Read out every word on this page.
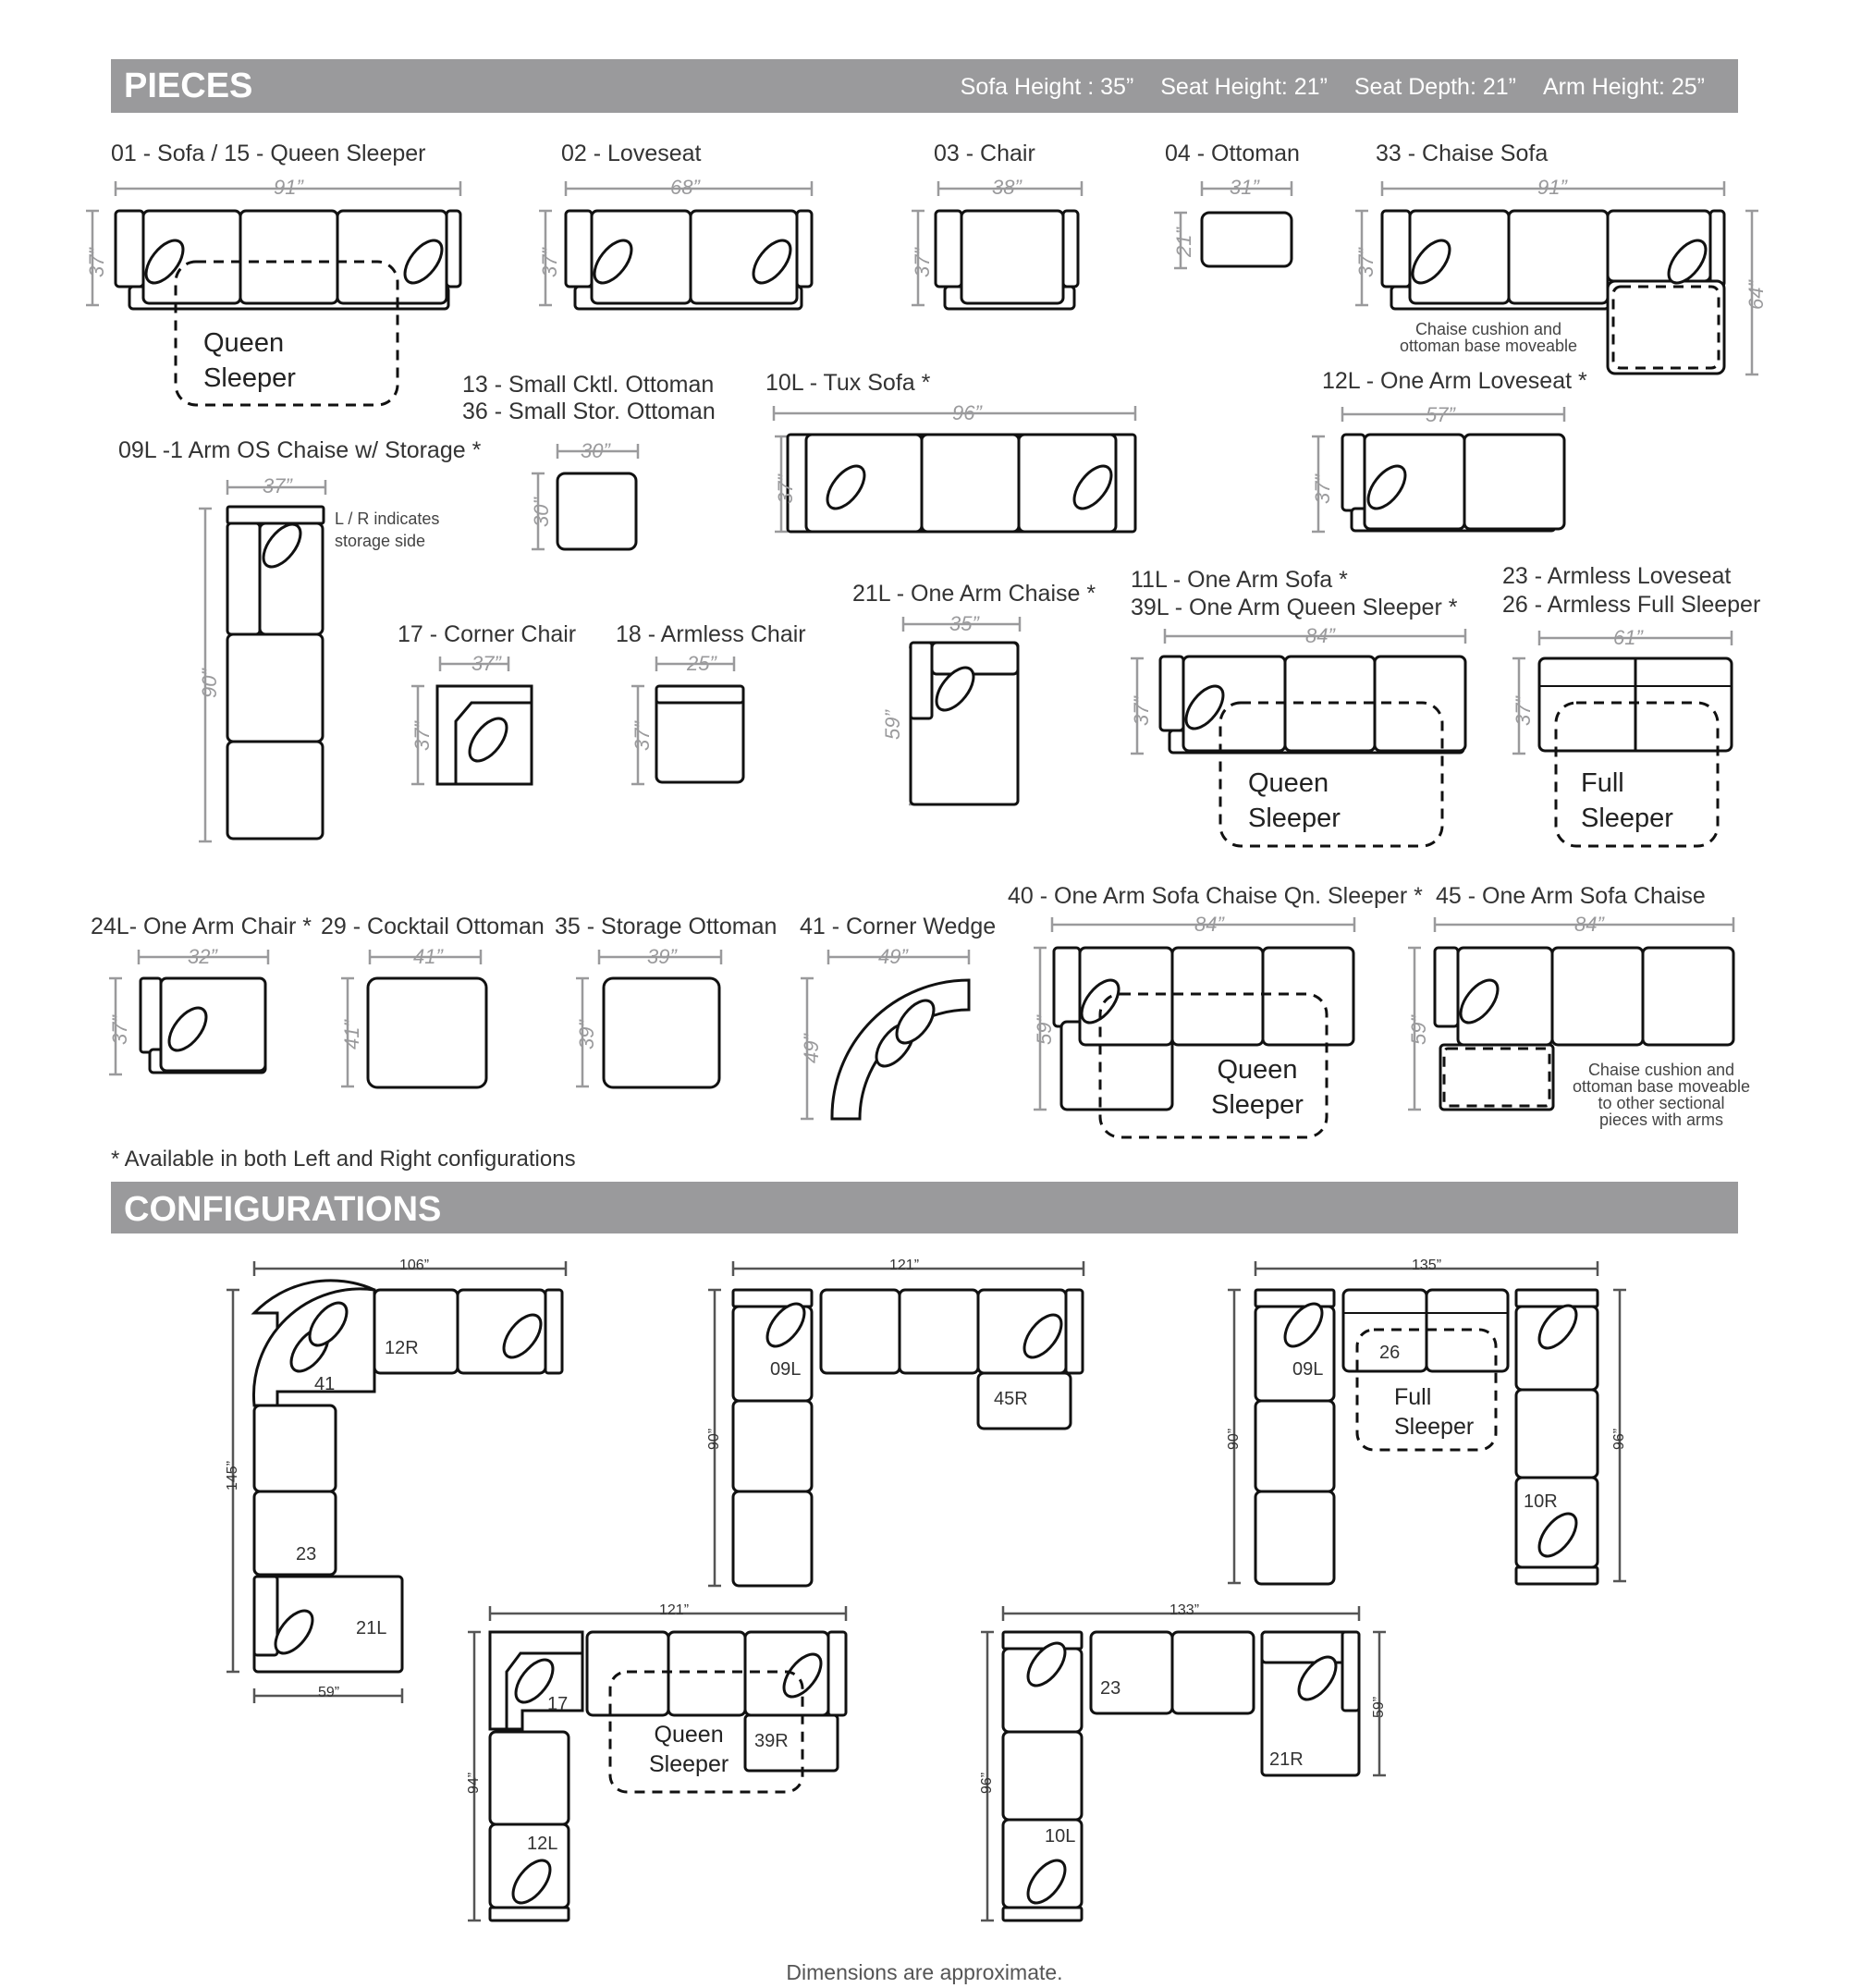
PIECES	Sofa Height : 35” Seat Height: 21” Seat Depth: 21” Arm Height: 25”
01 - Sofa / 15 - Queen Sleeper
91”
37”
Queen
Sleeper
02 - Loveseat
68”
37”
03 - Chair
38”
37”
04 - Ottoman
31”
21”
33 - Chaise Sofa
91”
37”
64”
Chaise cushion and
ottoman base moveable
13 - Small Cktl. Ottoman
36 - Small Stor. Ottoman
30”
30”
10L - Tux Sofa *
96”
37”
12L - One Arm Loveseat *
57”
37”
09L -1 Arm OS Chaise w/ Storage *
37”
90”
L / R indicates
storage side
17 - Corner Chair
37”
37”
18 - Armless Chair
25”
37”
21L - One Arm Chaise *
35”
59”
11L - One Arm Sofa *
39L - One Arm Queen Sleeper *
84”
37”
Queen
Sleeper
23 - Armless Loveseat
26 - Armless Full Sleeper
61”
37”
Full
Sleeper
24L- One Arm Chair *
32”
37”
29 - Cocktail Ottoman
41”
41”
35 - Storage Ottoman
39”
39”
41 - Corner Wedge
49”
49”
40 - One Arm Sofa Chaise Qn. Sleeper *
84”
59”
Queen
Sleeper
45 - One Arm Sofa Chaise
84”
59”
Chaise cushion and
ottoman base moveable
to other sectional
pieces with arms
* Available in both Left and Right configurations
CONFIGURATIONS
106”
145”
59”
12R
41
23
21L
121”
90”
09L
45R
135”
90”	96”
09L
26
10R
Full
Sleeper
121”
94”
17
39R
12L
Queen
Sleeper
133”
96”
59”
23
21R
10L
Dimensions are approximate.
